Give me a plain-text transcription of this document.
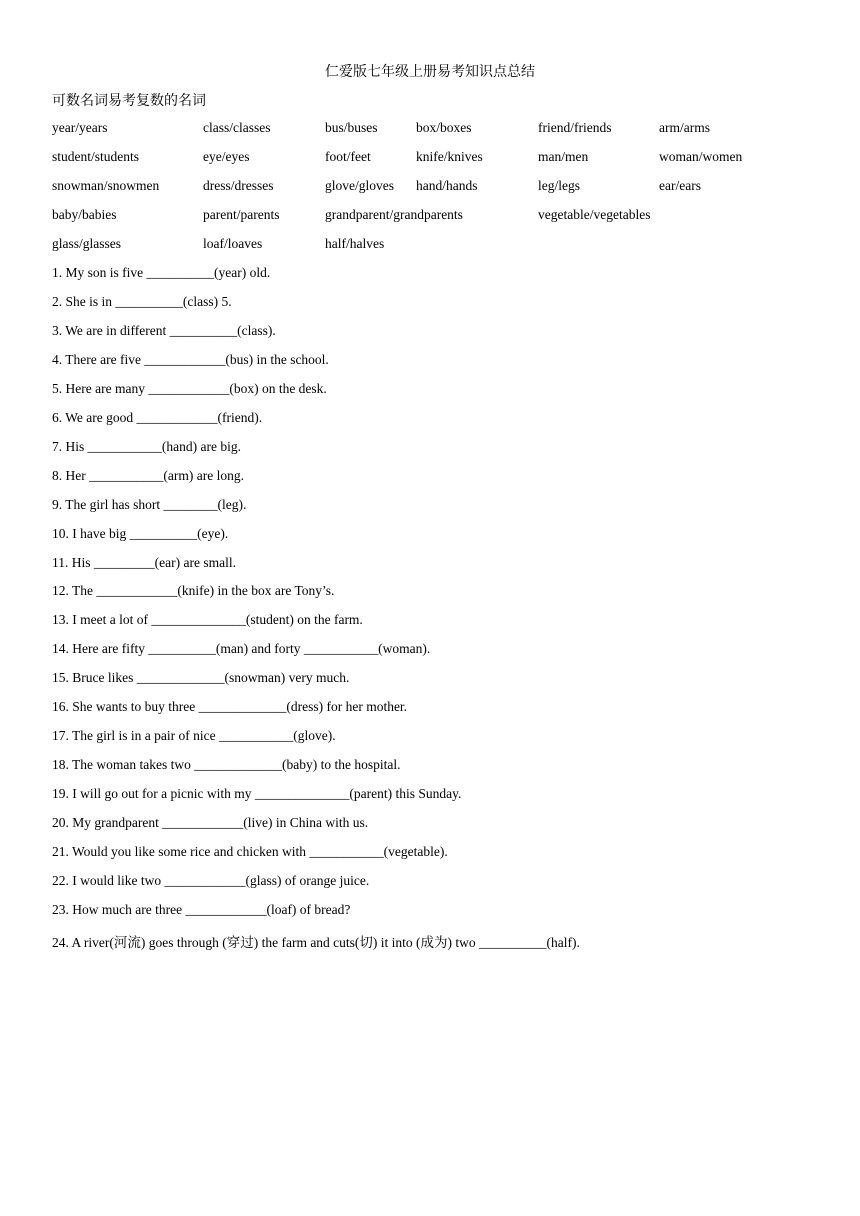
仁爱版七年级上册易考知识点总结
可数名词易考复数的名词
year/years	class/classes	bus/buses	box/boxes	friend/friends	arm/arms
student/students	eye/eyes	foot/feet	knife/knives	man/men	woman/women
snowman/snowmen	dress/dresses	glove/gloves hand/hands	leg/legs	ear/ears
baby/babies	parent/parents	grandparent/grandparents	vegetable/vegetables
glass/glasses	loaf/loaves	half/halves
1. My son is five __________(year) old.
2. She is in __________(class) 5.
3. We are in different __________(class).
4. There are five ____________(bus) in the school.
5. Here are many ____________(box) on the desk.
6. We are good ____________(friend).
7. His ___________(hand) are big.
8. Her ___________(arm) are long.
9. The girl has short ________(leg).
10. I have big __________(eye).
11. His _________(ear) are small.
12. The ____________(knife) in the box are Tony’s.
13. I meet a lot of ______________(student) on the farm.
14. Here are fifty __________(man) and forty ___________(woman).
15. Bruce likes _____________(snowman) very much.
16. She wants to buy three _____________(dress) for her mother.
17. The girl is in a pair of nice ___________(glove).
18. The woman takes two _____________(baby) to the hospital.
19. I will go out for a picnic with my ______________(parent) this Sunday.
20. My grandparent ____________(live) in China with us.
21. Would you like some rice and chicken with ___________(vegetable).
22. I would like two ____________(glass) of orange juice.
23. How much are three ____________(loaf) of bread?
24. A river(河流) goes through (穿过) the farm and cuts(切) it into (成为) two __________(half).
